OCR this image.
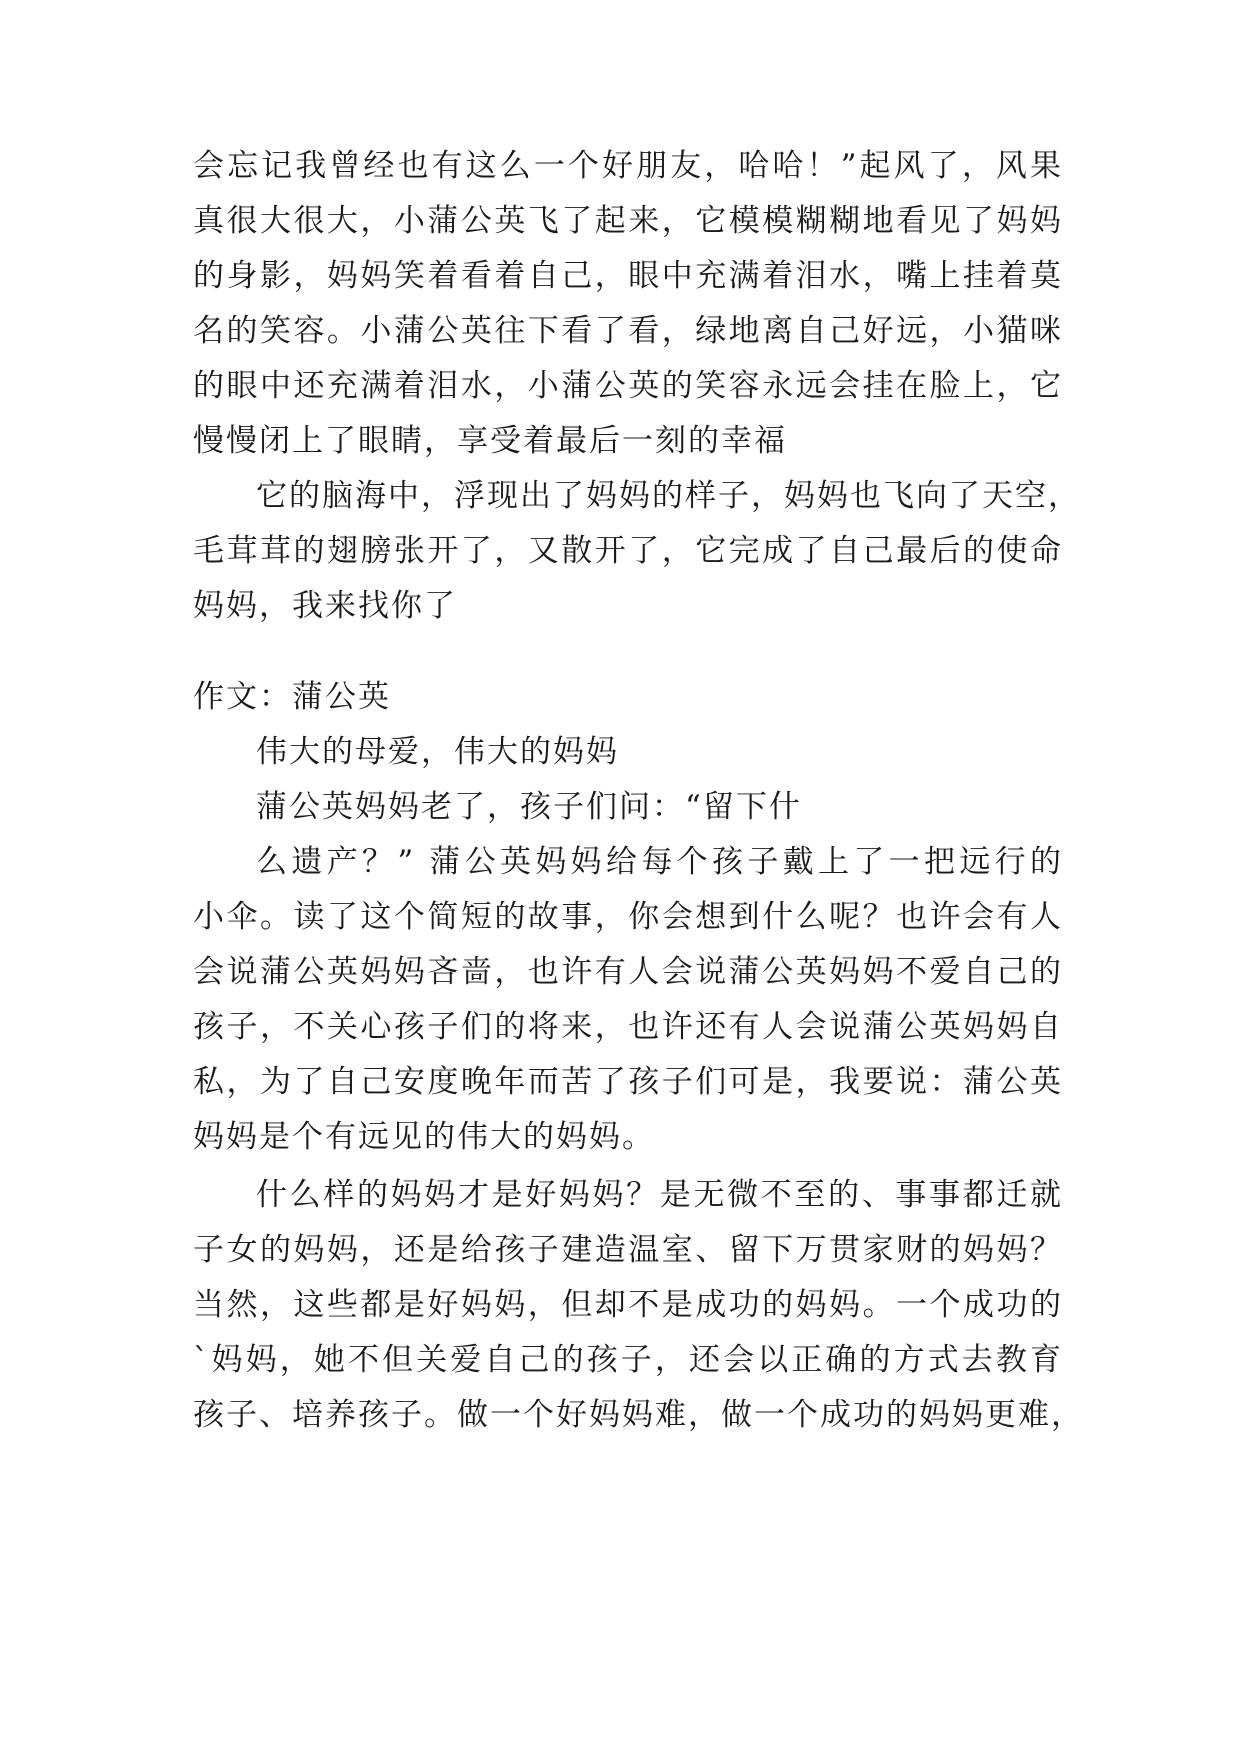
会忘记我曾经也有这么一个好朋友，哈哈！”起风了，风果
真很大很大，小蒲公英飞了起来，它模模糊糊地看见了妈妈
的身影，妈妈笑着看着自己，眼中充满着泪水，嘴上挂着莫
名的笑容。小蒲公英往下看了看，绿地离自己好远，小猫咪
的眼中还充满着泪水，小蒲公英的笑容永远会挂在脸上，它
慢慢闭上了眼睛，享受着最后一刻的幸福
它的脑海中，浮现出了妈妈的样子，妈妈也飞向了天空，
毛茸茸的翅膀张开了，又散开了，它完成了自己最后的使命
妈妈，我来找你了
作文：蒲公英
伟大的母爱，伟大的妈妈
蒲公英妈妈老了，孩子们问：“留下什
么遗产？” 蒲公英妈妈给每个孩子戴上了一把远行的
小伞。读了这个简短的故事，你会想到什么呢？也许会有人
会说蒲公英妈妈吝啬，也许有人会说蒲公英妈妈不爱自己的
孩子，不关心孩子们的将来，也许还有人会说蒲公英妈妈自
私，为了自己安度晚年而苦了孩子们可是，我要说：蒲公英
妈妈是个有远见的伟大的妈妈。
什么样的妈妈才是好妈妈？是无微不至的、事事都迁就
子女的妈妈，还是给孩子建造温室、留下万贯家财的妈妈？
当然，这些都是好妈妈，但却不是成功的妈妈。一个成功的
`妈妈，她不但关爱自己的孩子，还会以正确的方式去教育
孩子、培养孩子。做一个好妈妈难，做一个成功的妈妈更难，
